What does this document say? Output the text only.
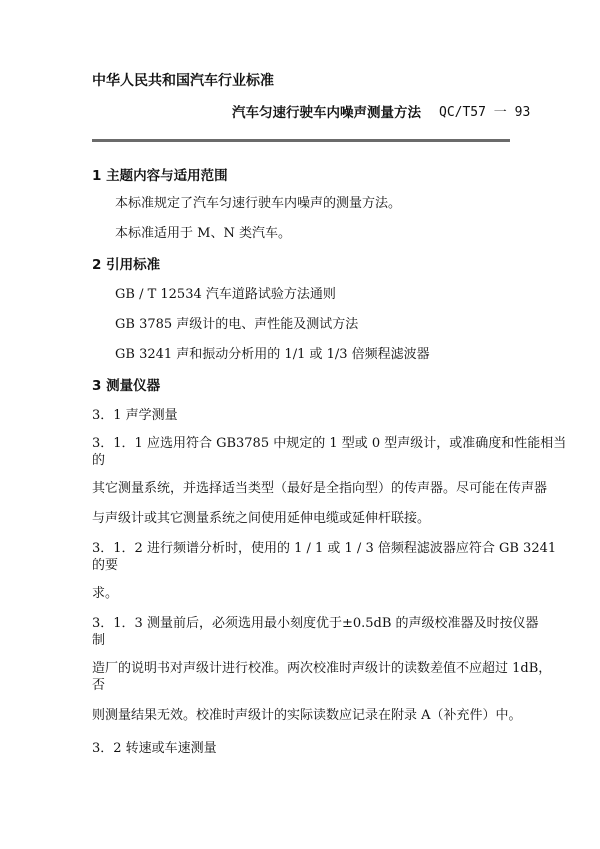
中华人民共和国汽车行业标准
汽车匀速行驶车内噪声测量方法 QC/T57 一 93
1 主题内容与适用范围
本标准规定了汽车匀速行驶车内噪声的测量方法。
本标准适用于 M、N 类汽车。
2 引用标准
GB / T 12534 汽车道路试验方法通则
GB 3785 声级计的电、声性能及测试方法
GB 3241 声和振动分析用的 1/1 或 1/3 倍频程滤波器
3 测量仪器
3．1 声学测量
3．1．1 应选用符合 GB3785 中规定的 1 型或 0 型声级计，或准确度和性能相当
的
其它测量系统，并选择适当类型（最好是全指向型）的传声器。尽可能在传声器
与声级计或其它测量系统之间使用延伸电缆或延伸杆联接。
3．1．2 进行频谱分析时，使用的 1 / 1 或 1 / 3 倍频程滤波器应符合 GB 3241
的要
求。
3．1．3 测量前后，必须选用最小刻度优于±0.5dB 的声级校准器及时按仪器
制
造厂的说明书对声级计进行校准。两次校准时声级计的读数差值不应超过 1dB，
否
则测量结果无效。校准时声级计的实际读数应记录在附录 A（补充件）中。
3．2 转速或车速测量
